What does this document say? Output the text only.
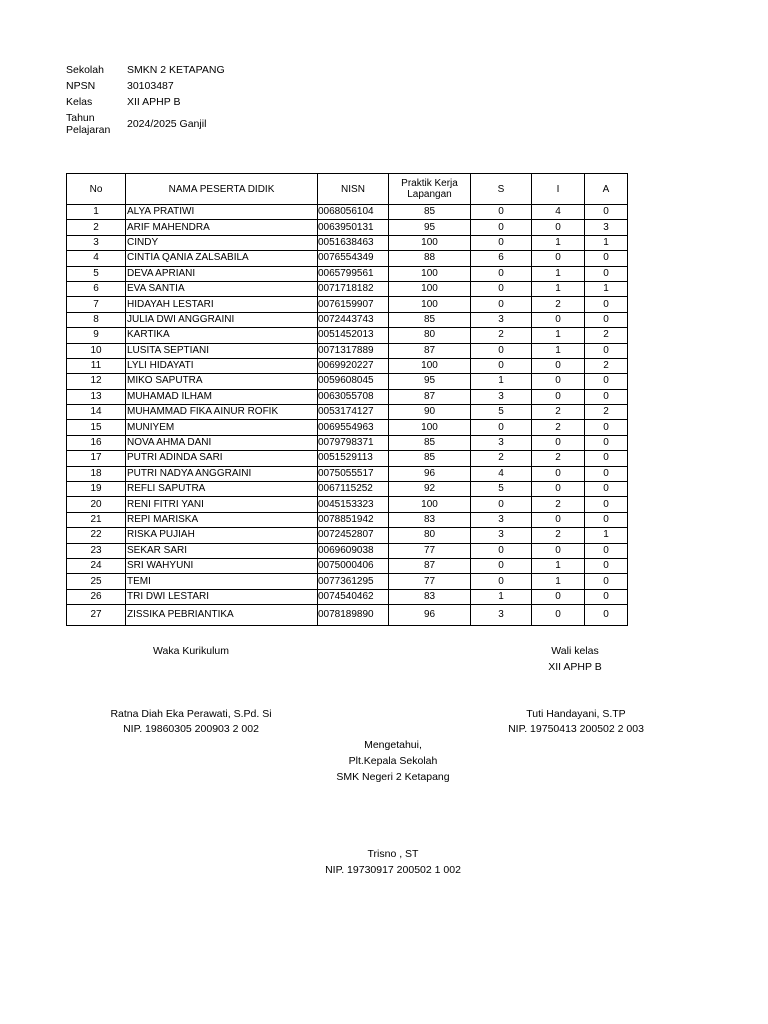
Sekolah	SMKN 2 KETAPANG
NPSN	30103487
Kelas	XII APHP B
Tahun Pelajaran	2024/2025 Ganjil
No	NAMA PESERTA DIDIK	NISN	Praktik Kerja Lapangan	S	I	A
1	ALYA PRATIWI	0068056104	85	0	4	0
2	ARIF MAHENDRA	0063950131	95	0	0	3
3	CINDY	0051638463	100	0	1	1
4	CINTIA QANIA ZALSABILA	0076554349	88	6	0	0
5	DEVA APRIANI	0065799561	100	0	1	0
6	EVA SANTIA	0071718182	100	0	1	1
7	HIDAYAH LESTARI	0076159907	100	0	2	0
8	JULIA DWI ANGGRAINI	0072443743	85	3	0	0
9	KARTIKA	0051452013	80	2	1	2
10	LUSITA SEPTIANI	0071317889	87	0	1	0
11	LYLI HIDAYATI	0069920227	100	0	0	2
12	MIKO SAPUTRA	0059608045	95	1	0	0
13	MUHAMAD ILHAM	0063055708	87	3	0	0
14	MUHAMMAD FIKA AINUR ROFIK	0053174127	90	5	2	2
15	MUNIYEM	0069554963	100	0	2	0
16	NOVA AHMA DANI	0079798371	85	3	0	0
17	PUTRI ADINDA SARI	0051529113	85	2	2	0
18	PUTRI NADYA ANGGRAINI	0075055517	96	4	0	0
19	REFLI SAPUTRA	0067115252	92	5	0	0
20	RENI FITRI YANI	0045153323	100	0	2	0
21	REPI MARISKA	0078851942	83	3	0	0
22	RISKA PUJIAH	0072452807	80	3	2	1
23	SEKAR SARI	0069609038	77	0	0	0
24	SRI WAHYUNI	0075000406	87	0	1	0
25	TEMI	0077361295	77	0	1	0
26	TRI DWI LESTARI	0074540462	83	1	0	0
27	ZISSIKA PEBRIANTIKA	0078189890	96	3	0	0
Waka Kurikulum
Ratna Diah Eka Perawati, S.Pd. Si
NIP. 19860305 200903 2 002
Wali kelas
XII APHP B
Tuti Handayani, S.TP
NIP. 19750413 200502 2 003
Mengetahui,
Plt.Kepala Sekolah
SMK Negeri 2 Ketapang
Trisno , ST
NIP. 19730917 200502 1 002
